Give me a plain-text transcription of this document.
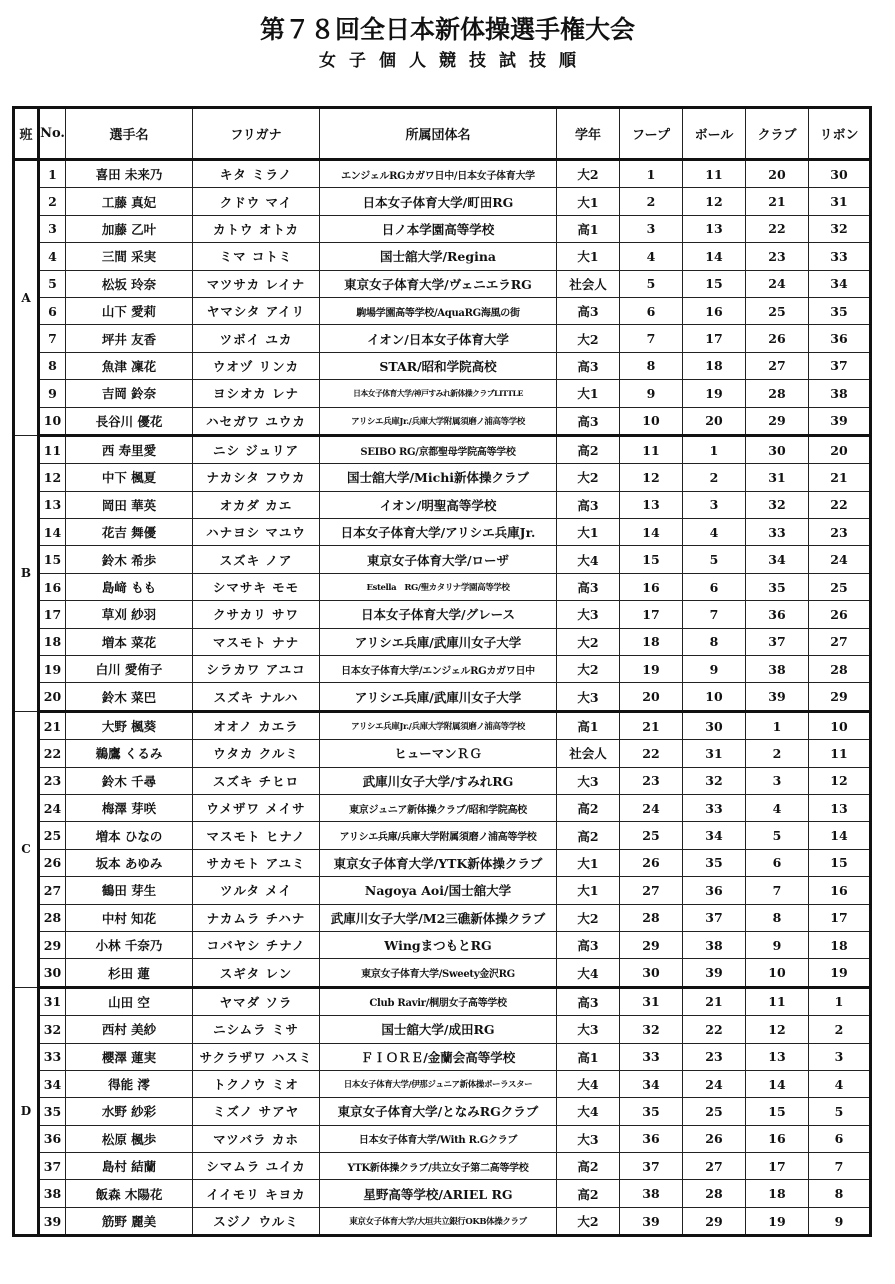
第７８回全日本新体操選手権大会
女子個人競技試技順
班	No.	選手名	フリガナ	所属団体名	学年	フープ	ボール	クラブ	リボン
A	1	喜田 未来乃	キタ ミラノ	エンジェルRGカガワ日中/日本女子体育大学	大2	1	11	20	30
	2	工藤 真妃	クドウ マイ	日本女子体育大学/町田RG	大1	2	12	21	31
	3	加藤 乙叶	カトウ オトカ	日ノ本学園高等学校	高1	3	13	22	32
	4	三間 采実	ミマ コトミ	国士舘大学/Regina	大1	4	14	23	33
	5	松坂 玲奈	マツサカ レイナ	東京女子体育大学/ヴェニエラRG	社会人	5	15	24	34
	6	山下 愛莉	ヤマシタ アイリ	駒場学園高等学校/AquaRG海風の街	高3	6	16	25	35
	7	坪井 友香	ツボイ ユカ	イオン/日本女子体育大学	大2	7	17	26	36
	8	魚津 凜花	ウオヅ リンカ	STAR/昭和学院高校	高3	8	18	27	37
	9	吉岡 鈴奈	ヨシオカ レナ	日本女子体育大学/神戸すみれ新体操クラブLITTLE	大1	9	19	28	38
	10	長谷川 優花	ハセガワ ユウカ	アリシエ兵庫Jr./兵庫大学附属須磨ノ浦高等学校	高3	10	20	29	39
B	11	西 寿里愛	ニシ ジュリア	SEIBO RG/京都聖母学院高等学校	高2	11	1	30	20
	12	中下 楓夏	ナカシタ フウカ	国士舘大学/Michi新体操クラブ	大2	12	2	31	21
	13	岡田 華英	オカダ カエ	イオン/明聖高等学校	高3	13	3	32	22
	14	花吉 舞優	ハナヨシ マユウ	日本女子体育大学/アリシエ兵庫Jr.	大1	14	4	33	23
	15	鈴木 希歩	スズキ ノア	東京女子体育大学/ローザ	大4	15	5	34	24
	16	島﨑 もも	シマサキ モモ	Estella　RG/聖カタリナ学園高等学校	高3	16	6	35	25
	17	草刈 紗羽	クサカリ サワ	日本女子体育大学/グレース	大3	17	7	36	26
	18	増本 菜花	マスモト ナナ	アリシエ兵庫/武庫川女子大学	大2	18	8	37	27
	19	白川 愛侑子	シラカワ アユコ	日本女子体育大学/エンジェルRGカガワ日中	大2	19	9	38	28
	20	鈴木 菜巴	スズキ ナルハ	アリシエ兵庫/武庫川女子大学	大3	20	10	39	29
C	21	大野 楓葵	オオノ カエラ	アリシエ兵庫Jr./兵庫大学附属須磨ノ浦高等学校	高1	21	30	1	10
	22	鵜鷹 くるみ	ウタカ クルミ	ヒューマンＲＧ	社会人	22	31	2	11
	23	鈴木 千尋	スズキ チヒロ	武庫川女子大学/すみれRG	大3	23	32	3	12
	24	梅澤 芽咲	ウメザワ メイサ	東京ジュニア新体操クラブ/昭和学院高校	高2	24	33	4	13
	25	増本 ひなの	マスモト ヒナノ	アリシエ兵庫/兵庫大学附属須磨ノ浦高等学校	高2	25	34	5	14
	26	坂本 あゆみ	サカモト アユミ	東京女子体育大学/YTK新体操クラブ	大1	26	35	6	15
	27	鶴田 芽生	ツルタ メイ	Nagoya Aoi/国士舘大学	大1	27	36	7	16
	28	中村 知花	ナカムラ チハナ	武庫川女子大学/M2三礁新体操クラブ	大2	28	37	8	17
	29	小林 千奈乃	コバヤシ チナノ	WingまつもとRG	高3	29	38	9	18
	30	杉田 蓮	スギタ レン	東京女子体育大学/Sweety金沢RG	大4	30	39	10	19
D	31	山田 空	ヤマダ ソラ	Club Ravir/桐朋女子高等学校	高3	31	21	11	1
	32	西村 美紗	ニシムラ ミサ	国士舘大学/成田RG	大3	32	22	12	2
	33	櫻澤 蓮実	サクラザワ ハスミ	ＦＩＯＲＥ/金蘭会高等学校	高1	33	23	13	3
	34	得能 澪	トクノウ ミオ	日本女子体育大学/伊那ジュニア新体操ポーラスター	大4	34	24	14	4
	35	水野 紗彩	ミズノ サアヤ	東京女子体育大学/となみRGクラブ	大4	35	25	15	5
	36	松原 楓歩	マツバラ カホ	日本女子体育大学/With R.Gクラブ	大3	36	26	16	6
	37	島村 結蘭	シマムラ ユイカ	YTK新体操クラブ/共立女子第二高等学校	高2	37	27	17	7
	38	飯森 木陽花	イイモリ キヨカ	星野高等学校/ARIEL RG	高2	38	28	18	8
	39	筋野 麗美	スジノ ウルミ	東京女子体育大学/大垣共立銀行OKB体操クラブ	大2	39	29	19	9
